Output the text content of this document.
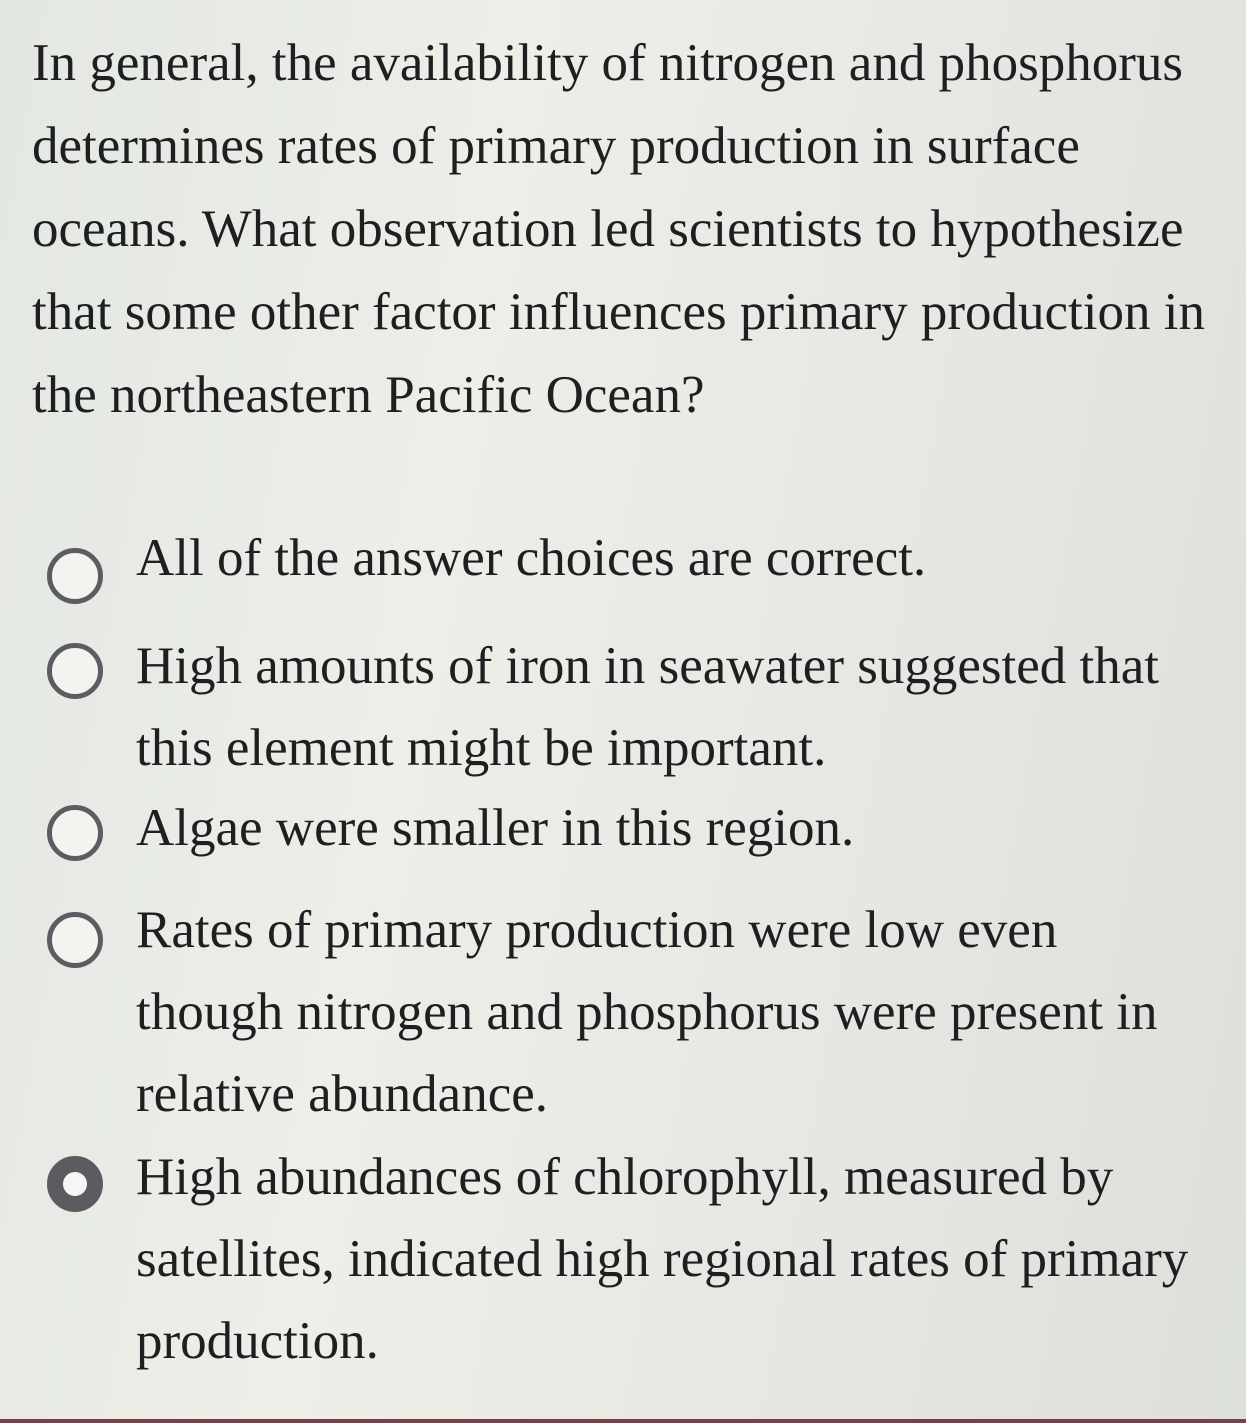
In general, the availability of nitrogen and phosphorus determines rates of primary production in surface oceans. What observation led scientists to hypothesize that some other factor influences primary production in the northeastern Pacific Ocean?

All of the answer choices are correct.
High amounts of iron in seawater suggested that this element might be important.
Algae were smaller in this region.
Rates of primary production were low even though nitrogen and phosphorus were present in relative abundance.
High abundances of chlorophyll, measured by satellites, indicated high regional rates of primary production.
